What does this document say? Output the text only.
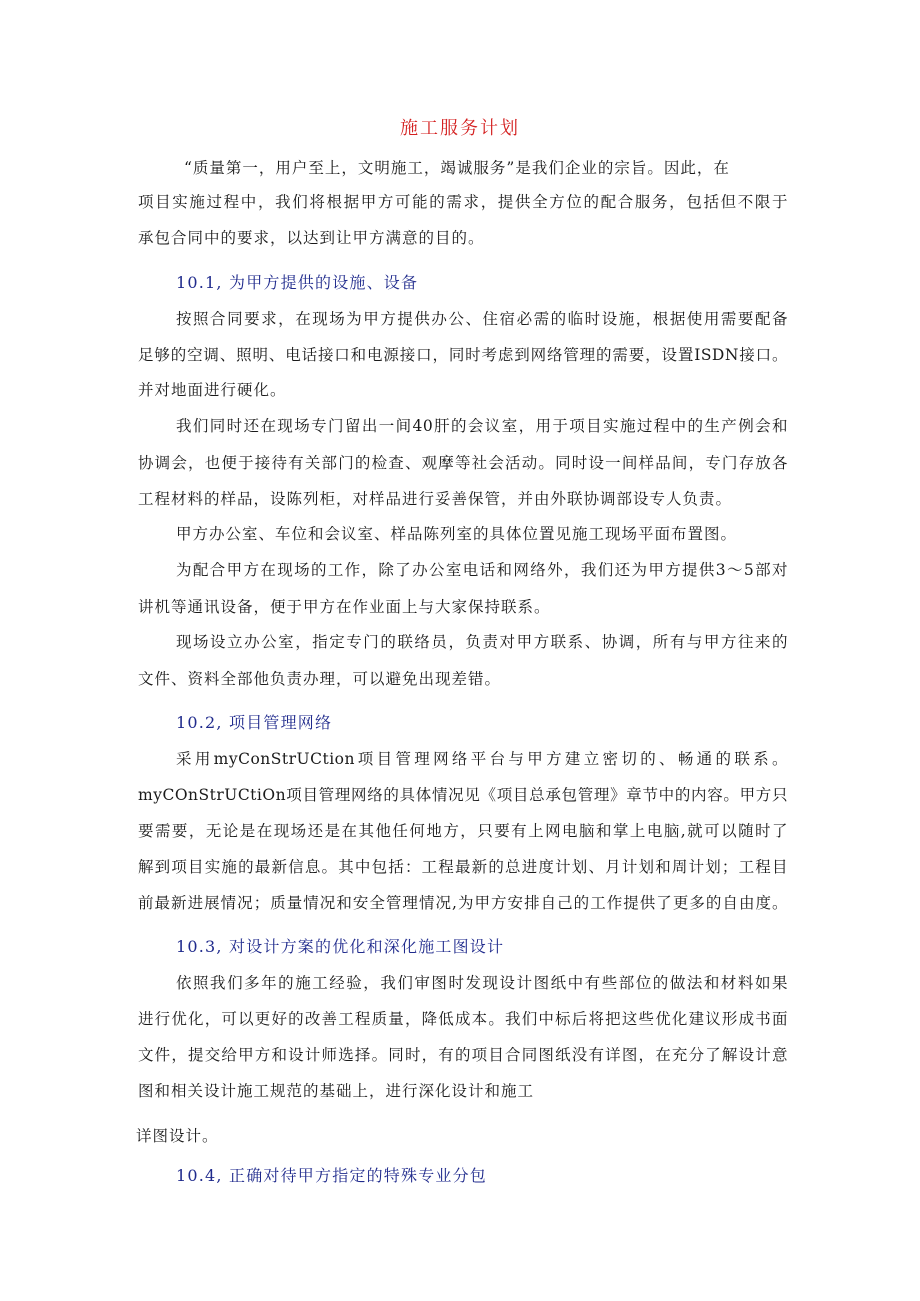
施工服务计划
“质量第一，用户至上，文明施工，竭诚服务”是我们企业的宗旨。因此，在
项目实施过程中，我们将根据甲方可能的需求，提供全方位的配合服务，包括但不限于
承包合同中的要求，以达到让甲方满意的目的。
10.1, 为甲方提供的设施、设备
按照合同要求，在现场为甲方提供办公、住宿必需的临时设施，根据使用需要配备
足够的空调、照明、电话接口和电源接口，同时考虑到网络管理的需要，设置ISDN接口。
并对地面进行硬化。
我们同时还在现场专门留出一间40肝的会议室，用于项目实施过程中的生产例会和
协调会，也便于接待有关部门的检查、观摩等社会活动。同时设一间样品间，专门存放各
工程材料的样品，设陈列柜，对样品进行妥善保管，并由外联协调部设专人负责。
甲方办公室、车位和会议室、样品陈列室的具体位置见施工现场平面布置图。
为配合甲方在现场的工作，除了办公室电话和网络外，我们还为甲方提供3～5部对
讲机等通讯设备，便于甲方在作业面上与大家保持联系。
现场设立办公室，指定专门的联络员，负责对甲方联系、协调，所有与甲方往来的
文件、资料全部他负责办理，可以避免出现差错。
10.2, 项目管理网络
采用myConStrUCtion项目管理网络平台与甲方建立密切的、畅通的联系。
myCOnStrUCtiOn项目管理网络的具体情况见《项目总承包管理》章节中的内容。甲方只
要需要，无论是在现场还是在其他任何地方，只要有上网电脑和掌上电脑,就可以随时了
解到项目实施的最新信息。其中包括：工程最新的总进度计划、月计划和周计划；工程目
前最新进展情况；质量情况和安全管理情况,为甲方安排自己的工作提供了更多的自由度。
10.3, 对设计方案的优化和深化施工图设计
依照我们多年的施工经验，我们审图时发现设计图纸中有些部位的做法和材料如果
进行优化，可以更好的改善工程质量，降低成本。我们中标后将把这些优化建议形成书面
文件，提交给甲方和设计师选择。同时，有的项目合同图纸没有详图，在充分了解设计意
图和相关设计施工规范的基础上，进行深化设计和施工
详图设计。
10.4, 正确对待甲方指定的特殊专业分包
